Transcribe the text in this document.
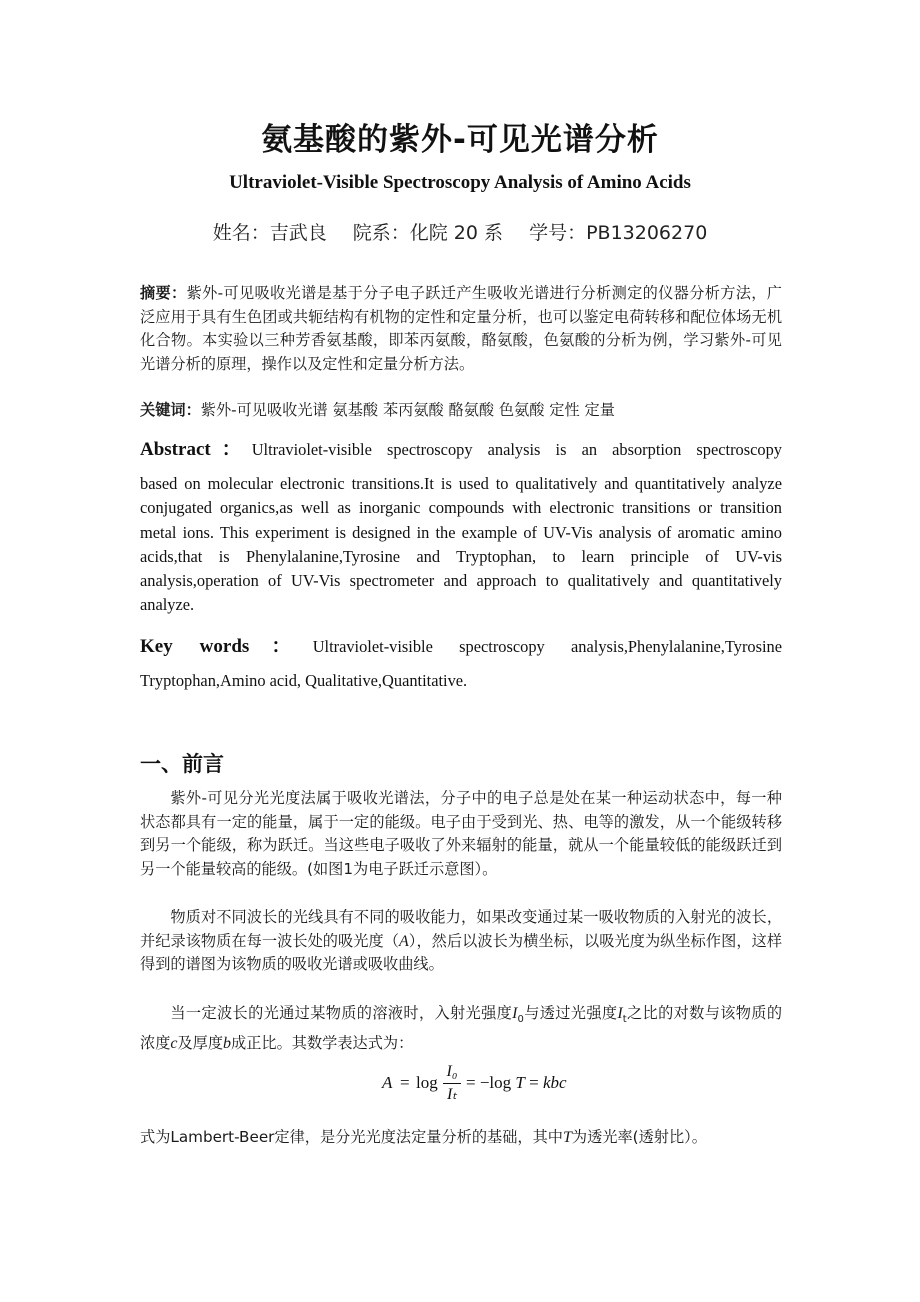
氨基酸的紫外-可见光谱分析
Ultraviolet-Visible Spectroscopy Analysis of Amino Acids
姓名：吉武良 院系：化院 20 系 学号：PB13206270
摘要：紫外-可见吸收光谱是基于分子电子跃迁产生吸收光谱进行分析测定的仪器分析方法，广泛应用于具有生色团或共轭结构有机物的定性和定量分析，也可以鉴定电荷转移和配位体场无机化合物。本实验以三种芳香氨基酸，即苯丙氨酸，酪氨酸，色氨酸的分析为例，学习紫外-可见光谱分析的原理，操作以及定性和定量分析方法。
关键词：紫外-可见吸收光谱 氨基酸 苯丙氨酸 酪氨酸 色氨酸 定性 定量
Abstract：Ultraviolet-visible spectroscopy analysis is an absorption spectroscopy
based on molecular electronic transitions.It is used to qualitatively and quantitatively analyze conjugated organics,as well as inorganic compounds with electronic transitions or transition metal ions. This experiment is designed in the example of UV-Vis analysis of aromatic amino acids,that is Phenylalanine,Tyrosine and Tryptophan, to learn principle of UV-vis analysis,operation of UV-Vis spectrometer and approach to qualitatively and quantitatively analyze.
Key words：Ultraviolet-visible spectroscopy analysis,Phenylalanine,Tyrosine
Tryptophan,Amino acid, Qualitative,Quantitative.
一、前言
紫外-可见分光光度法属于吸收光谱法，分子中的电子总是处在某一种运动状态中，每一种状态都具有一定的能量，属于一定的能级。电子由于受到光、热、电等的激发，从一个能级转移到另一个能级，称为跃迁。当这些电子吸收了外来辐射的能量，就从一个能量较低的能级跃迁到另一个能量较高的能级。(如图1为电子跃迁示意图）。
物质对不同波长的光线具有不同的吸收能力，如果改变通过某一吸收物质的入射光的波长，并纪录该物质在每一波长处的吸光度（A），然后以波长为横坐标，以吸光度为纵坐标作图，这样得到的谱图为该物质的吸收光谱或吸收曲线。
当一定波长的光通过某物质的溶液时，入射光强度$I_0$与透过光强度$I_t$之比的对数与该物质的浓度c及厚度b成正比。其数学表达式为：
A = log
I₀
Iₜ
= −log T = kbc
式为Lambert-Beer定律，是分光光度法定量分析的基础，其中T为透光率(透射比）。
